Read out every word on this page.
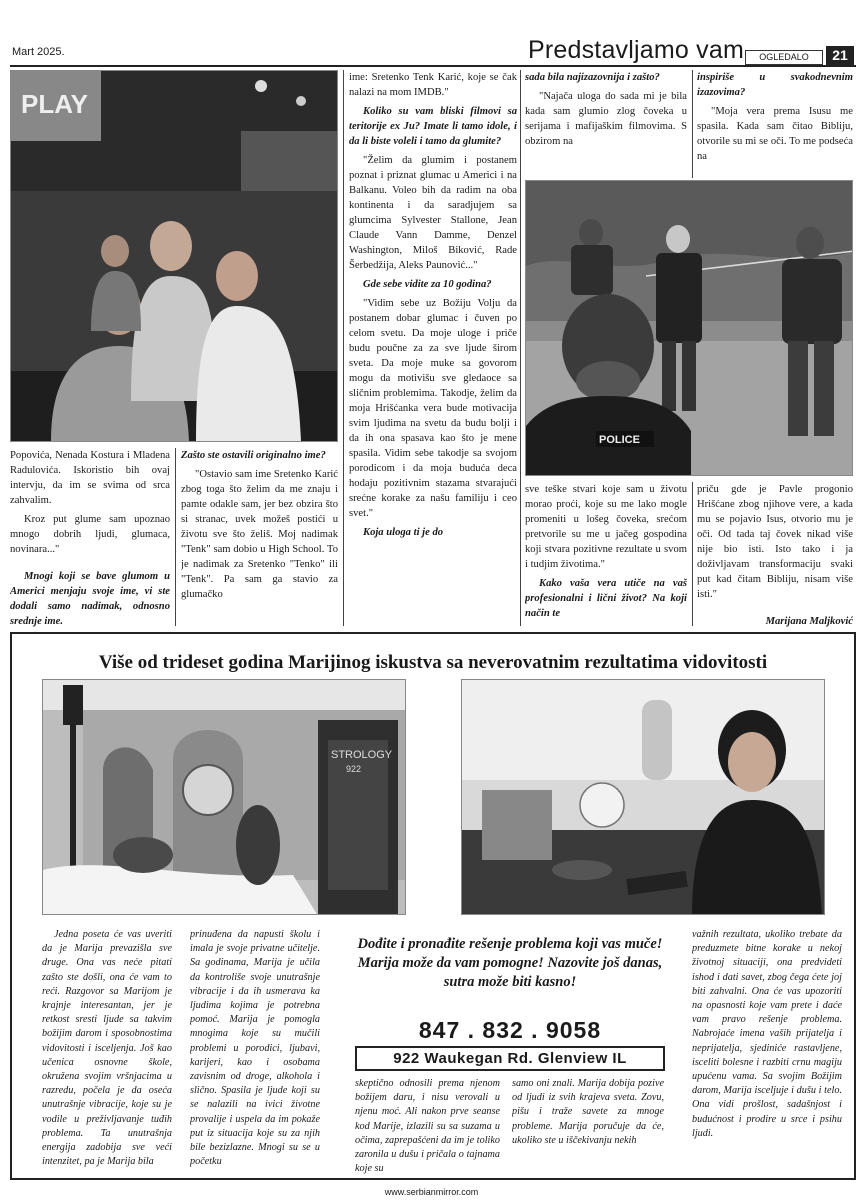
Mart 2025.	Predstavljamo vam	OGLEDALO	21
PLAY
POLICE

Popovića, Nenada Kostura i Mladena Radulovića. Iskoristio bih ovaj intervju, da im se svima od srca zahvalim.

Kroz put glume sam upoznao mnogo dobrih ljudi, glumaca, novinara..."

Mnogi koji se bave glumom u Americi menjaju svoje ime, vi ste dodali samo nadimak, odnosno srednje ime.

Zašto ste ostavili originalno ime?

"Ostavio sam ime Sretenko Karić zbog toga što želim da me znaju i pamte odakle sam, jer bez obzira što si stranac, uvek možeš postići u životu sve što želiš. Moj nadimak "Tenk" sam dobio u High School. To je nadimak za Sretenko "Tenko" ili "Tenk". Pa sam ga stavio za glumačko

ime: Sretenko Tenk Karić, koje se čak nalazi na mom IMDB."

Koliko su vam bliski filmovi sa teritorije ex Ju? Imate li tamo idole, i da li biste voleli i tamo da glumite?

"Želim da glumim i postanem poznat i priznat glumac u Americi i na Balkanu. Voleo bih da radim na oba kontinenta i da saradjujem sa glumcima Sylvester Stallone, Jean Claude Vann Damme, Denzel Washington, Miloš Biković, Rade Šerbedžija, Aleks Paunović..."

Gde sebe vidite za 10 godina?

"Vidim sebe uz Božiju Volju da postanem dobar glumac i čuven po celom svetu. Da moje uloge i priče budu poučne za za sve ljude širom sveta. Da moje muke sa govorom mogu da motivišu sve gledaoce sa sličnim problemima. Takodje, želim da moja Hrišćanka vera bude motivacija svim ljudima na svetu da budu bolji i da ih ona spasava kao što je mene spasila. Vidim sebe takodje sa svojom porodicom i da moja buduća deca hodaju pozitivnim stazama stvarajući srećne korake za našu familiju i ceo svet."

Koja uloga ti je do

sada bila najizazovnija i zašto?

"Najača uloga do sada mi je bila kada sam glumio zlog čoveka u serijama i mafijaškim filmovima. S obzirom na

inspiriše u svakodnevnim izazovima?

"Moja vera prema Isusu me spasila. Kada sam čitao Bibliju, otvorile su mi se oči. To me podseća na

sve teške stvari koje sam u životu morao proći, koje su me lako mogle promeniti u lošeg čoveka, srećom pretvorile su me u jačeg gospodina koji stvara pozitivne rezultate u svom i tudjim životima."

Kako vaša vera utiče na vaš profesionalni i lični život? Na koji način te

priču gde je Pavle progonio Hrišćane zbog njihove vere, a kada mu se pojavio Isus, otvorio mu je oči. Od tada taj čovek nikad više nije bio isti. Isto tako i ja doživljavam transformaciju svaki put kad čitam Bibliju, nisam više isti."

Marijana Maljković

Više od trideset godina Marijinog iskustva sa neverovatnim rezultatima vidovitosti
STROLOGY
922

Jedna poseta će vas uveriti da je Marija prevazišla sve druge. Ona vas neće pitati zašto ste došli, ona će vam to reći. Razgovor sa Marijom je krajnje interesantan, jer je retkost sresti ljude sa takvim božijim darom i sposobnostima vidovitosti i isceljenja. Još kao učenica osnovne škole, okružena svojim vršnjacima u razredu, počela je da oseća unutrašnje vibracije, koje su je vodile u preživljavanje tuđih problema. Ta unutrašnja energija zadobija sve veći intenzitet, pa je Marija bila

prinuđena da napusti školu i imala je svoje privatne učitelje. Sa godinama, Marija je učila da kontroliše svoje unutrašnje vibracije i da ih usmerava ka ljudima kojima je potrebna pomoć. Marija je pomogla mnogima koje su mučili problemi u porodici, ljubavi, karijeri, kao i osobama zavisnim od droge, alkohola i slično. Spasila je ljude koji su se nalazili na ivici životne provalije i uspela da im pokaže put iz situacija koje su za njih bile bezizlazne. Mnogi su se u početku

Dođite i pronađite rešenje problema koji vas muče! Marija može da vam pomogne! Nazovite još danas, sutra može biti kasno!
847 . 832 . 9058
922 Waukegan Rd. Glenview IL

skeptično odnosili prema njenom božijem daru, i nisu verovali u njenu moć. Ali nakon prve seanse kod Marije, izlazili su sa suzama u očima, zaprepašćeni da im je toliko zaronila u dušu i pričala o tajnama koje su

samo oni znali. Marija dobija pozive od ljudi iz svih krajeva sveta. Zovu, pišu i traže savete za mnoge probleme. Marija poručuje da će, ukoliko ste u iščekivanju nekih

važnih rezultata, ukoliko trebate da preduzmete bitne korake u nekoj životnoj situaciji, ona predvideti ishod i dati savet, zbog čega ćete joj biti zahvalni. Ona će vas upozoriti na opasnosti koje vam prete i daće vam pravo rešenje problema. Nabrojaće imena vaših prijatelja i neprijatelja, sjediniće rastavljene, isceliti bolesne i razbiti crnu magiju upućenu vama. Sa svojim Božijim darom, Marija isceljuje i dušu i telo. Ona vidi prošlost, sadašnjost i budućnost i prodire u srce i psihu ljudi.

www.serbianmirror.com
